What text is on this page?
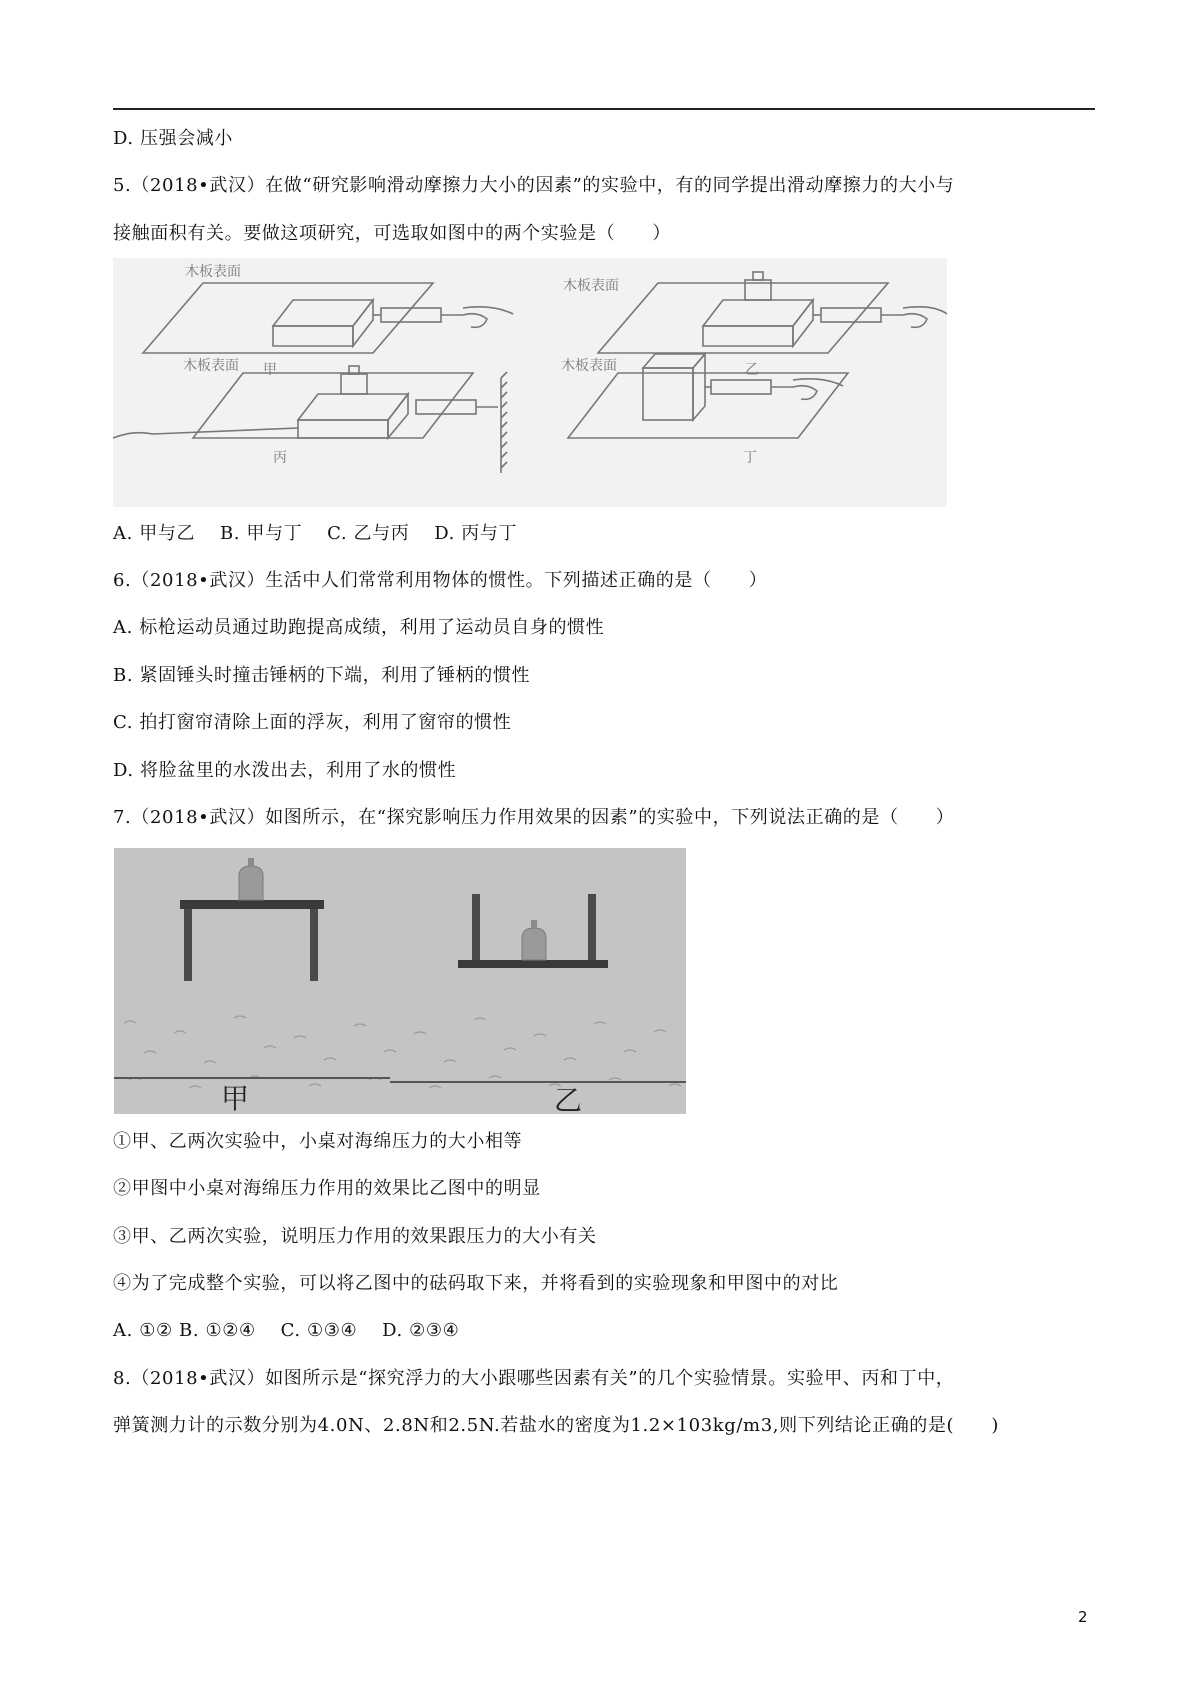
D. 压强会减小
5.（2018•武汉）在做“研究影响滑动摩擦力大小的因素”的实验中，有的同学提出滑动摩擦力的大小与
接触面积有关。要做这项研究，可选取如图中的两个实验是（　　）
木板表面
木板表面
木板表面	木板表面
甲	乙
丙	丁
A. 甲与乙　 B. 甲与丁　 C. 乙与丙　 D. 丙与丁
6.（2018•武汉）生活中人们常常利用物体的惯性。下列描述正确的是（　　）
A. 标枪运动员通过助跑提高成绩，利用了运动员自身的惯性
B. 紧固锤头时撞击锤柄的下端，利用了锤柄的惯性
C. 拍打窗帘清除上面的浮灰，利用了窗帘的惯性
D. 将脸盆里的水泼出去，利用了水的惯性
7.（2018•武汉）如图所示，在“探究影响压力作用效果的因素”的实验中，下列说法正确的是（　　）
甲	乙
①甲、乙两次实验中，小桌对海绵压力的大小相等
②甲图中小桌对海绵压力作用的效果比乙图中的明显
③甲、乙两次实验，说明压力作用的效果跟压力的大小有关
④为了完成整个实验，可以将乙图中的砝码取下来，并将看到的实验现象和甲图中的对比
A. ①② B. ①②④　 C. ①③④　 D. ②③④
8.（2018•武汉）如图所示是“探究浮力的大小跟哪些因素有关”的几个实验情景。实验甲、丙和丁中，
弹簧测力计的示数分别为4.0N、2.8N和2.5N.若盐水的密度为1.2×103kg/m3,则下列结论正确的是(　　)
2
